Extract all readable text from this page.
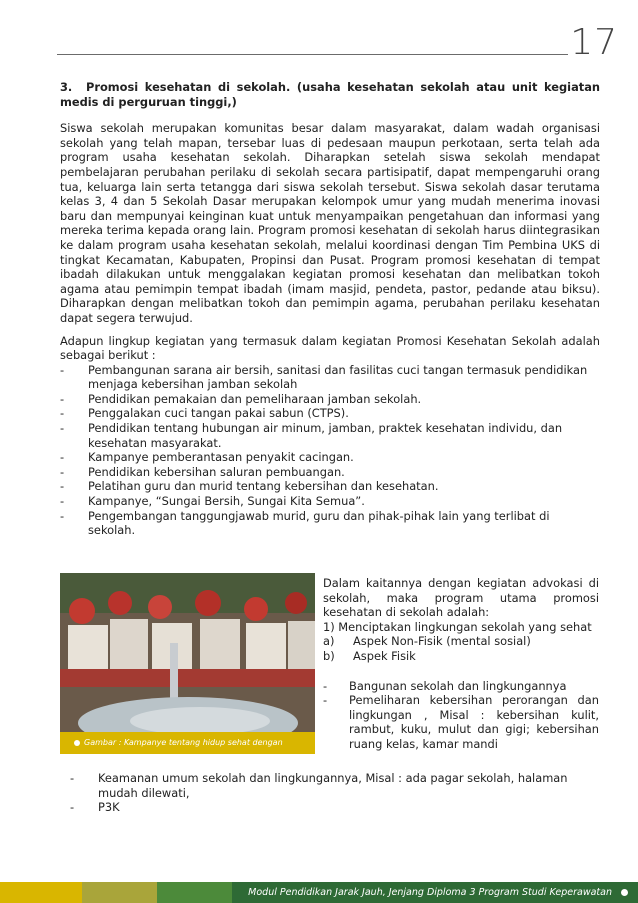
17
3. Promosi kesehatan di sekolah. (usaha kesehatan sekolah atau unit kegiatan medis di perguruan tinggi,)

Siswa sekolah merupakan komunitas besar dalam masyarakat, dalam wadah organisasi sekolah yang telah mapan, tersebar luas di pedesaan maupun perkotaan, serta telah ada program usaha kesehatan sekolah. Diharapkan setelah siswa sekolah mendapat pembelajaran perubahan perilaku di sekolah secara partisipatif, dapat mempengaruhi orang tua, keluarga lain serta tetangga dari siswa sekolah tersebut. Siswa sekolah dasar terutama kelas 3, 4 dan 5 Sekolah Dasar merupakan kelompok umur yang mudah menerima inovasi baru dan mempunyai keinginan kuat untuk menyampaikan pengetahuan dan informasi yang mereka terima kepada orang lain. Program promosi kesehatan di sekolah harus diintegrasikan ke dalam program usaha kesehatan sekolah, melalui koordinasi dengan Tim Pembina UKS di tingkat Kecamatan, Kabupaten, Propinsi dan Pusat. Program promosi kesehatan di tempat ibadah dilakukan untuk menggalakan kegiatan promosi kesehatan dan melibatkan tokoh agama atau pemimpin tempat ibadah (imam masjid, pendeta, pastor, pedande atau biksu). Diharapkan dengan melibatkan tokoh dan pemimpin agama, perubahan perilaku kesehatan dapat segera terwujud.

Adapun lingkup kegiatan yang termasuk dalam kegiatan Promosi Kesehatan Sekolah adalah sebagai berikut :

- Pembangunan sarana air bersih, sanitasi dan fasilitas cuci tangan termasuk pendidikan menjaga kebersihan jamban sekolah
- Pendidikan pemakaian dan pemeliharaan jamban sekolah.
- Penggalakan cuci tangan pakai sabun (CTPS).
- Pendidikan tentang hubungan air minum, jamban, praktek kesehatan individu, dan kesehatan masyarakat.
- Kampanye pemberantasan penyakit cacingan.
- Pendidikan kebersihan saluran pembuangan.
- Pelatihan guru dan murid tentang kebersihan dan kesehatan.
- Kampanye, “Sungai Bersih, Sungai Kita Semua”.
- Pengembangan tanggungjawab murid, guru dan pihak-pihak lain yang terlibat di sekolah.
Gambar : Kampanye tentang hidup sehat dengan mencuci tangan

Dalam kaitannya dengan kegiatan advokasi di sekolah, maka program utama promosi kesehatan di sekolah adalah:

1) Menciptakan lingkungan sekolah yang sehat

a)	Aspek Non-Fisik (mental sosial)
b)	Aspek Fisik
-	Bangunan sekolah dan lingkungannya
-	Pemeliharan kebersihan perorangan dan lingkungan , Misal : kebersihan kulit, rambut, kuku, mulut dan gigi; kebersihan ruang kelas, kamar mandi
-	Keamanan umum sekolah dan lingkungannya, Misal : ada pagar sekolah, halaman mudah dilewati,
-	P3K
Modul Pendidikan Jarak Jauh, Jenjang Diploma 3 Program Studi Keperawatan
